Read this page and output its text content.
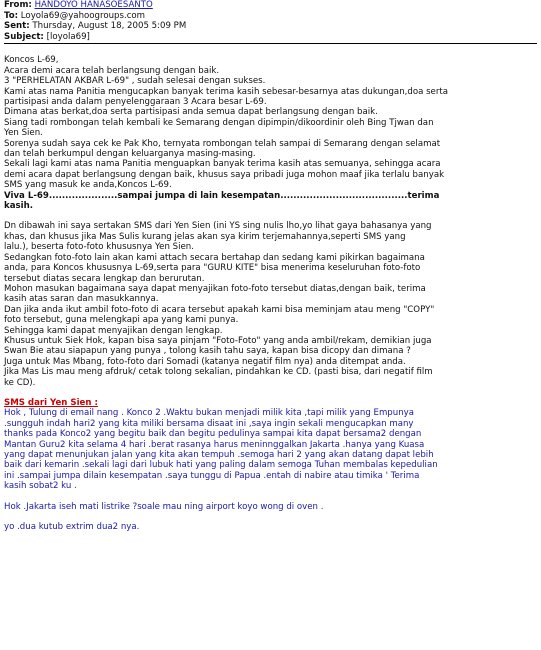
From: HANDOYO HANASOESANTO
To: Loyola69@yahoogroups.com
Sent: Thursday, August 18, 2005 5:09 PM
Subject: [loyola69]
Koncos L-69,
Acara demi acara telah berlangsung dengan baik.
3 "PERHELATAN AKBAR L-69" , sudah selesai dengan sukses.
Kami atas nama Panitia mengucapkan banyak terima kasih sebesar-besarnya atas dukungan,doa serta
partisipasi anda dalam penyelenggaraan 3 Acara besar L-69.
Dimana atas berkat,doa serta partisipasi anda semua dapat berlangsung dengan baik.
Siang tadi rombongan telah kembali ke Semarang dengan dipimpin/dikoordinir oleh Bing Tjwan dan
Yen Sien.
Sorenya sudah saya cek ke Pak Kho, ternyata rombongan telah sampai di Semarang dengan selamat
dan telah berkumpul dengan keluarganya masing-masing.
Sekali lagi kami atas nama Panitia menguapkan banyak terima kasih atas semuanya, sehingga acara
demi acara dapat berlangsung dengan baik, khusus saya pribadi juga mohon maaf jika terlalu banyak
SMS yang masuk ke anda,Koncos L-69.
Viva L-69.....................sampai jumpa di lain kesempatan.......................................terima
kasih.
Dn dibawah ini saya sertakan SMS dari Yen Sien (ini YS sing nulis lho,yo lihat gaya bahasanya yang
khas, dan khusus jika Mas Sulis kurang jelas akan sya kirim terjemahannya,seperti SMS yang
lalu.), beserta foto-foto khususnya Yen Sien.
Sedangkan foto-foto lain akan kami attach secara bertahap dan sedang kami pikirkan bagaimana
anda, para Koncos khususnya L-69,serta para "GURU KITE" bisa menerima keseluruhan foto-foto
tersebut diatas secara lengkap dan berurutan.
Mohon masukan bagaimana saya dapat menyajikan foto-foto tersebut diatas,dengan baik, terima
kasih atas saran dan masukkannya.
Dan jika anda ikut ambil foto-foto di acara tersebut apakah kami bisa meminjam atau meng "COPY"
foto tersebut, guna melengkapi apa yang kami punya.
Sehingga kami dapat menyajikan dengan lengkap.
Khusus untuk Siek Hok, kapan bisa saya pinjam "Foto-Foto" yang anda ambil/rekam, demikian juga
Swan Bie atau siapapun yang punya , tolong kasih tahu saya, kapan bisa dicopy dan dimana ?
Juga untuk Mas Mbang, foto-foto dari Somadi (katanya negatif film nya) anda ditempat anda.
Jika Mas Lis mau meng afdruk/ cetak tolong sekalian, pindahkan ke CD. (pasti bisa, dari negatif film
ke CD).
SMS dari Yen Sien :
Hok , Tulung di email nang . Konco 2 .Waktu bukan menjadi milik kita ,tapi milik yang Empunya
.sungguh indah hari2 yang kita miliki bersama disaat ini ,saya ingin sekali mengucapkan many
thanks pada Konco2 yang begitu baik dan begitu pedulinya sampai kita dapat bersama2 dengan
Mantan Guru2 kita selama 4 hari .berat rasanya harus meninnggalkan Jakarta .hanya yang Kuasa
yang dapat menunjukan jalan yang kita akan tempuh .semoga hari 2 yang akan datang dapat lebih
baik dari kemarin .sekali lagi dari lubuk hati yang paling dalam semoga Tuhan membalas kepedulian
ini .sampai jumpa dilain kesempatan .saya tunggu di Papua .entah di nabire atau timika ' Terima
kasih sobat2 ku .
Hok .Jakarta iseh mati listrike ?soale mau ning airport koyo wong di oven .
yo .dua kutub extrim dua2 nya.
